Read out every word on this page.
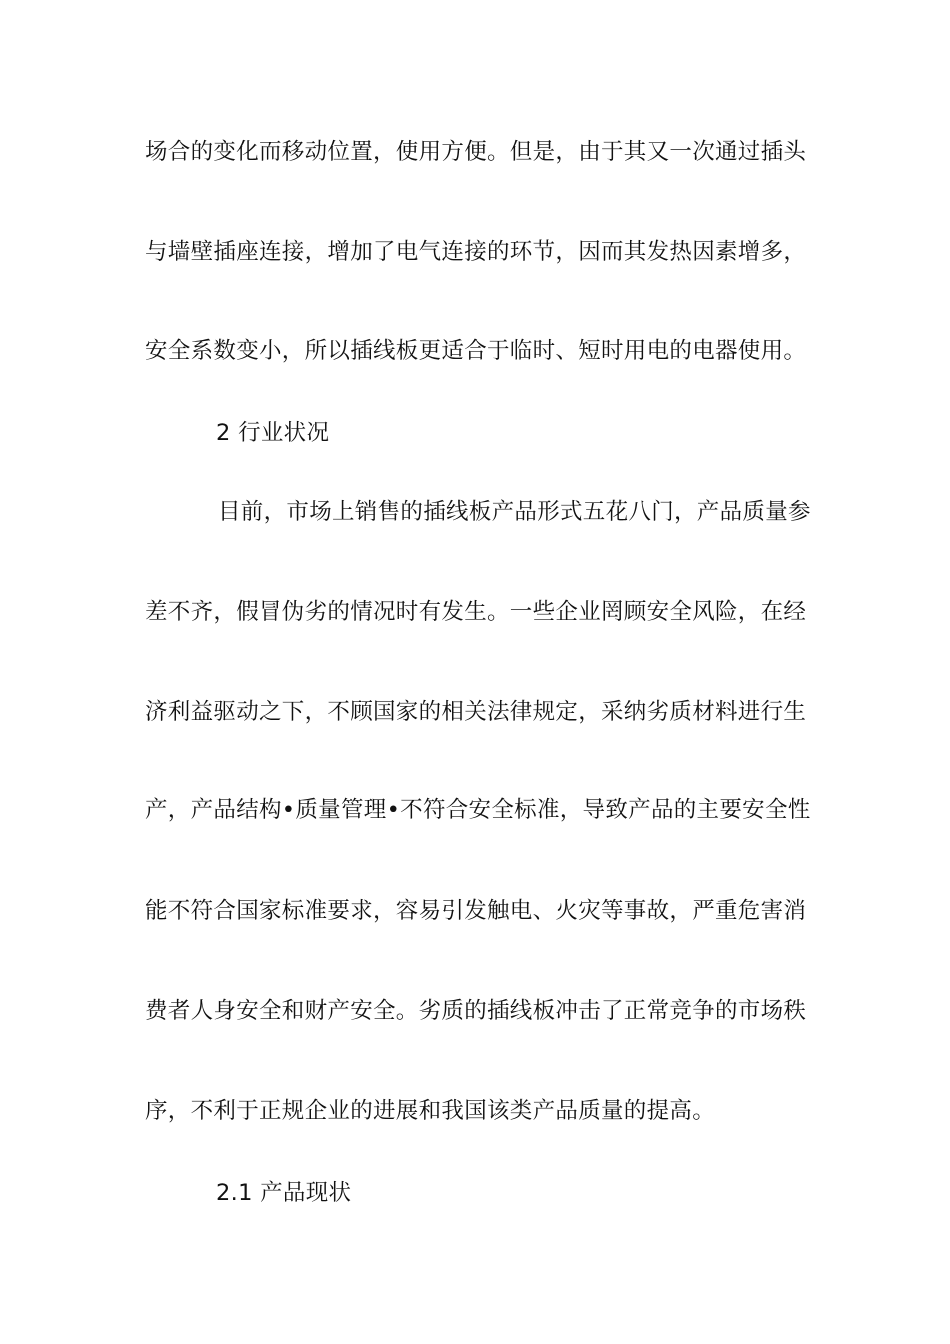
场合的变化而移动位置，使用方便。但是，由于其又一次通过插头
与墙壁插座连接，增加了电气连接的环节，因而其发热因素增多，
安全系数变小，所以插线板更适合于临时、短时用电的电器使用。
2 行业状况
目前，市场上销售的插线板产品形式五花八门，产品质量参
差不齐，假冒伪劣的情况时有发生。一些企业罔顾安全风险，在经
济利益驱动之下，不顾国家的相关法律规定，采纳劣质材料进行生
产，产品结构•质量管理•不符合安全标准，导致产品的主要安全性
能不符合国家标准要求，容易引发触电、火灾等事故，严重危害消
费者人身安全和财产安全。劣质的插线板冲击了正常竞争的市场秩
序，不利于正规企业的进展和我国该类产品质量的提高。
2.1 产品现状
